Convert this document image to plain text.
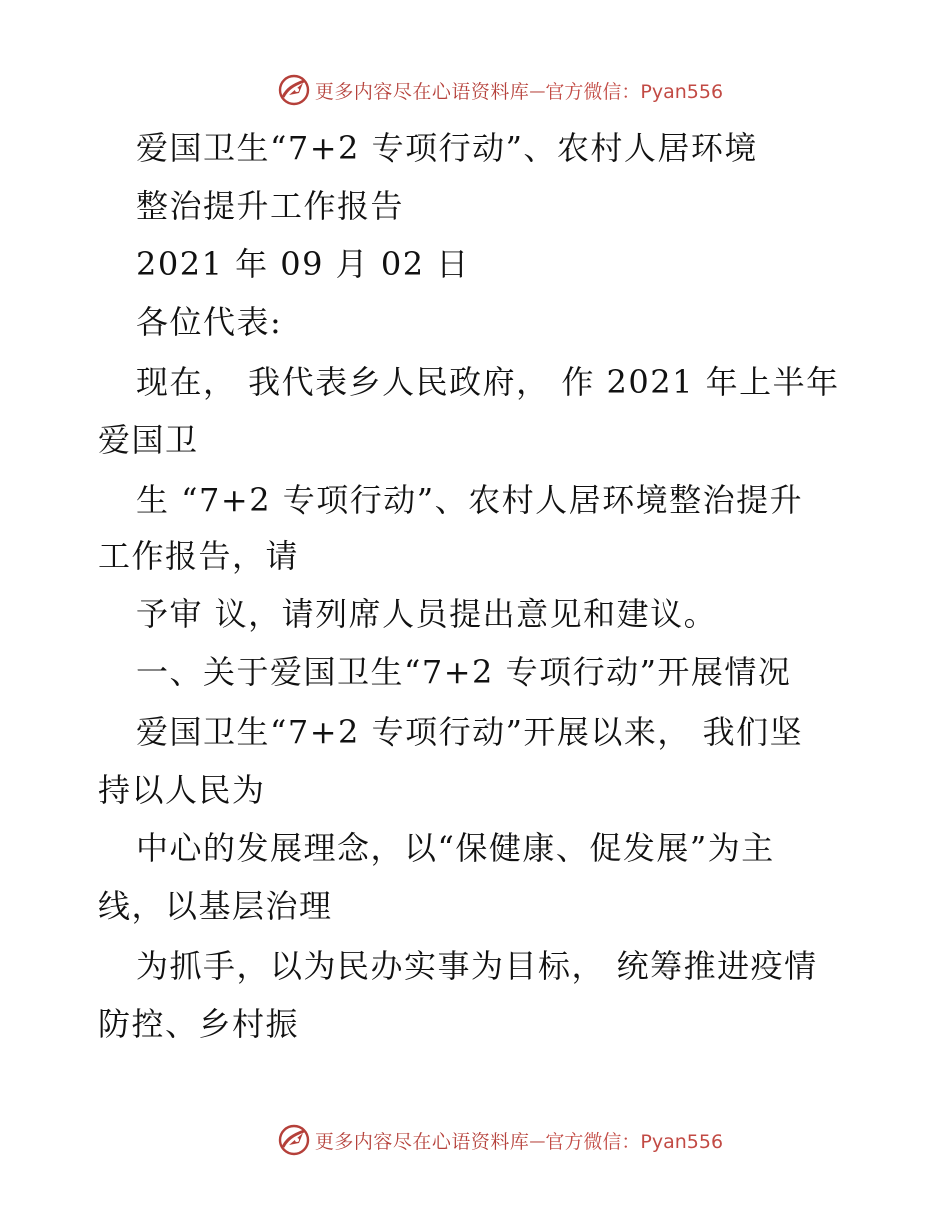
更多内容尽在心语资料库 — 官方微信：Pyan556
爱国卫生“7+2 专项行动”、农村人居环境
整治提升工作报告
2021 年 09 月 02 日
各位代表:
现在， 我代表乡人民政府， 作 2021 年上半年
爱国卫
生 “7+2 专项行动”、农村人居环境整治提升
工作报告，请
予审 议，请列席人员提出意见和建议。
一、关于爱国卫生“7+2 专项行动”开展情况
爱国卫生“7+2 专项行动”开展以来， 我们坚
持以人民为
中心的发展理念，以“保健康、促发展”为主
线，以基层治理
为抓手，以为民办实事为目标， 统筹推进疫情
防控、乡村振
更多内容尽在心语资料库 — 官方微信：Pyan556
